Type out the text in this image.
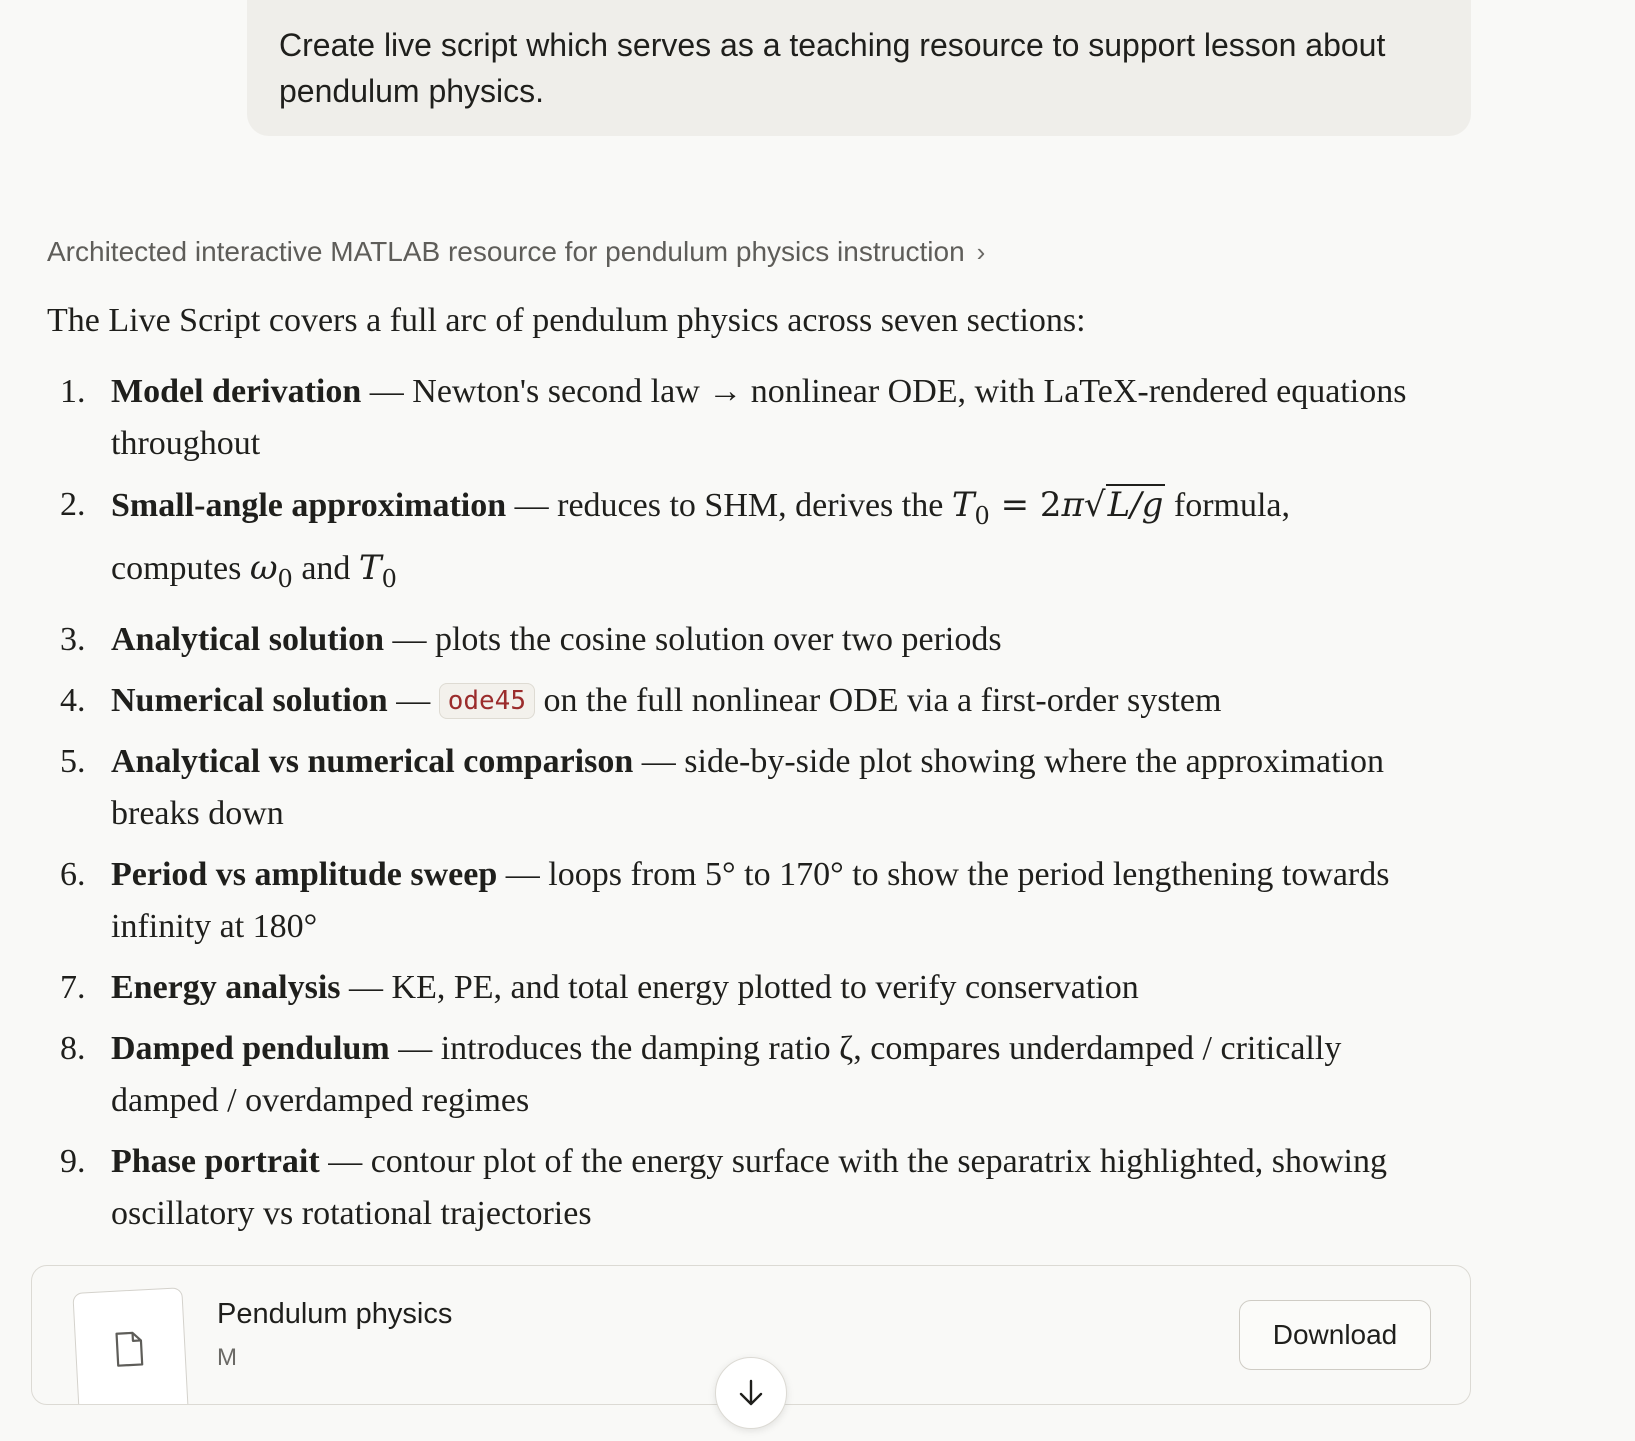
Create live script which serves as a teaching resource to support lesson about pendulum physics.
Architected interactive MATLAB resource for pendulum physics instruction ›
The Live Script covers a full arc of pendulum physics across seven sections:
1. Model derivation — Newton's second law → nonlinear ODE, with LaTeX-rendered equations throughout
2. Small-angle approximation — reduces to SHM, derives the $T_0 = 2\pi√L/g$ formula, computes $\omega_0$ and $T_0$
3. Analytical solution — plots the cosine solution over two periods
4. Numerical solution — ode45 on the full nonlinear ODE via a first-order system
5. Analytical vs numerical comparison — side-by-side plot showing where the approximation breaks down
6. Period vs amplitude sweep — loops from 5° to 170° to show the period lengthening towards infinity at 180°
7. Energy analysis — KE, PE, and total energy plotted to verify conservation
8. Damped pendulum — introduces the damping ratio ζ, compares underdamped / critically damped / overdamped regimes
9. Phase portrait — contour plot of the energy surface with the separatrix highlighted, showing oscillatory vs rotational trajectories
Pendulum physics
M
Download
